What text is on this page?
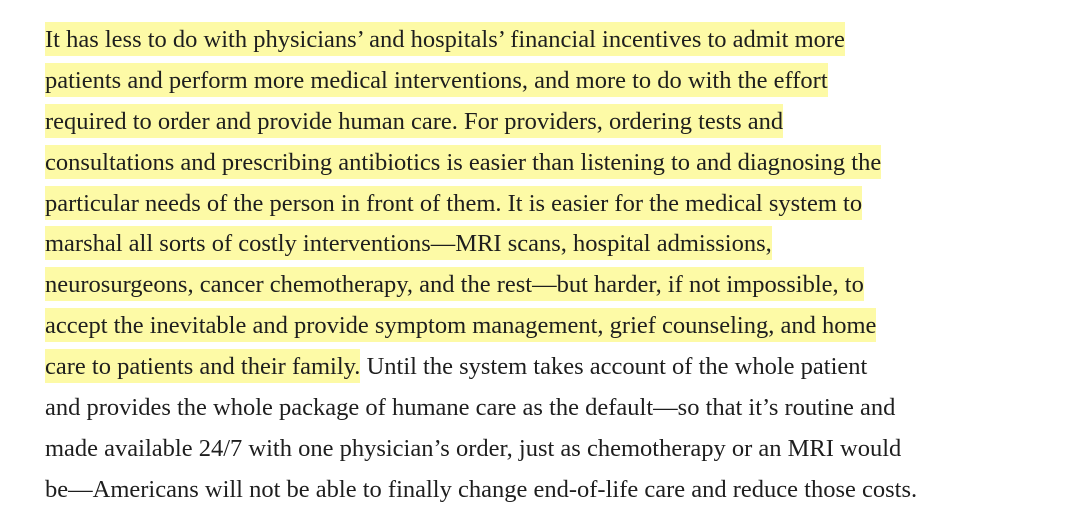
It has less to do with physicians’ and hospitals’ financial incentives to admit more
patients and perform more medical interventions, and more to do with the effort
required to order and provide human care. For providers, ordering tests and
consultations and prescribing antibiotics is easier than listening to and diagnosing the
particular needs of the person in front of them. It is easier for the medical system to
marshal all sorts of costly interventions—MRI scans, hospital admissions,
neurosurgeons, cancer chemotherapy, and the rest—but harder, if not impossible, to
accept the inevitable and provide symptom management, grief counseling, and home
care to patients and their family. Until the system takes account of the whole patient
and provides the whole package of humane care as the default—so that it’s routine and
made available 24/7 with one physician’s order, just as chemotherapy or an MRI would
be—Americans will not be able to finally change end-of-life care and reduce those costs.
